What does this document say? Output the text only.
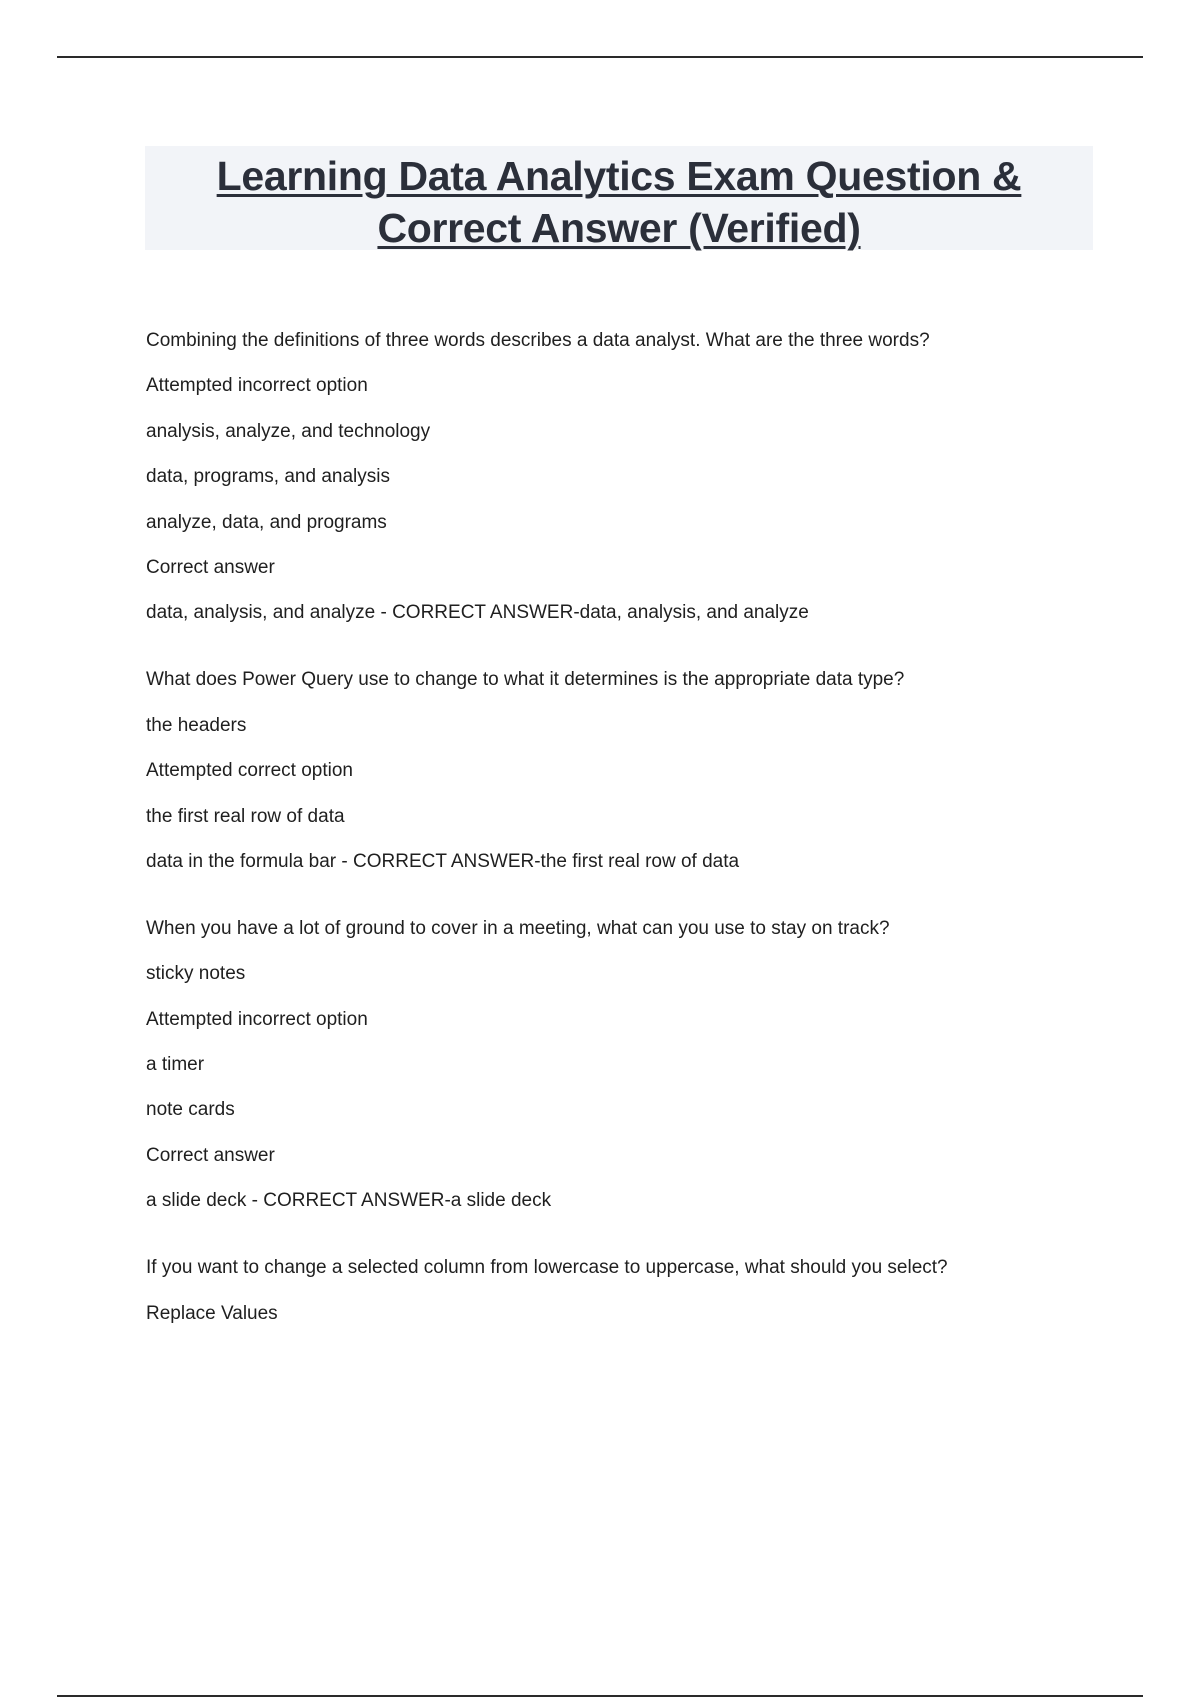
Learning Data Analytics Exam Question &
Correct Answer (Verified)
Combining the definitions of three words describes a data analyst. What are the three words?
Attempted incorrect option
analysis, analyze, and technology
data, programs, and analysis
analyze, data, and programs
Correct answer
data, analysis, and analyze - CORRECT ANSWER-data, analysis, and analyze
What does Power Query use to change to what it determines is the appropriate data type?
the headers
Attempted correct option
the first real row of data
data in the formula bar - CORRECT ANSWER-the first real row of data
When you have a lot of ground to cover in a meeting, what can you use to stay on track?
sticky notes
Attempted incorrect option
a timer
note cards
Correct answer
a slide deck - CORRECT ANSWER-a slide deck
If you want to change a selected column from lowercase to uppercase, what should you select?
Replace Values
